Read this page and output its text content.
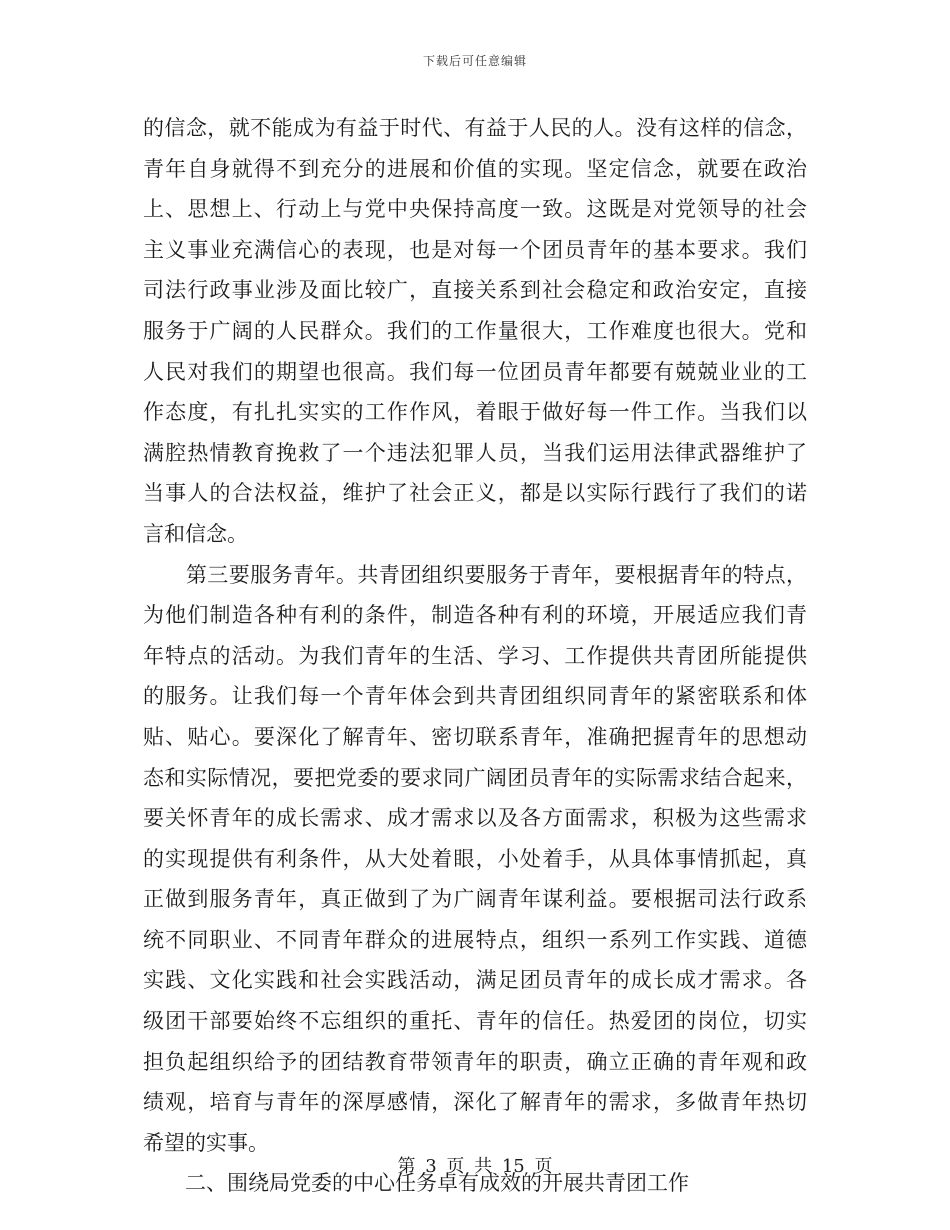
下载后可任意编辑
的信念，就不能成为有益于时代、有益于人民的人。没有这样的信念，
青年自身就得不到充分的进展和价值的实现。坚定信念，就要在政治
上、思想上、行动上与党中央保持高度一致。这既是对党领导的社会
主义事业充满信心的表现，也是对每一个团员青年的基本要求。我们
司法行政事业涉及面比较广，直接关系到社会稳定和政治安定，直接
服务于广阔的人民群众。我们的工作量很大，工作难度也很大。党和
人民对我们的期望也很高。我们每一位团员青年都要有兢兢业业的工
作态度，有扎扎实实的工作作风，着眼于做好每一件工作。当我们以
满腔热情教育挽救了一个违法犯罪人员，当我们运用法律武器维护了
当事人的合法权益，维护了社会正义，都是以实际行践行了我们的诺
言和信念。
　　第三要服务青年。共青团组织要服务于青年，要根据青年的特点，
为他们制造各种有利的条件，制造各种有利的环境，开展适应我们青
年特点的活动。为我们青年的生活、学习、工作提供共青团所能提供
的服务。让我们每一个青年体会到共青团组织同青年的紧密联系和体
贴、贴心。要深化了解青年、密切联系青年，准确把握青年的思想动
态和实际情况，要把党委的要求同广阔团员青年的实际需求结合起来，
要关怀青年的成长需求、成才需求以及各方面需求，积极为这些需求
的实现提供有利条件，从大处着眼，小处着手，从具体事情抓起，真
正做到服务青年，真正做到了为广阔青年谋利益。要根据司法行政系
统不同职业、不同青年群众的进展特点，组织一系列工作实践、道德
实践、文化实践和社会实践活动，满足团员青年的成长成才需求。各
级团干部要始终不忘组织的重托、青年的信任。热爱团的岗位，切实
担负起组织给予的团结教育带领青年的职责，确立正确的青年观和政
绩观，培育与青年的深厚感情，深化了解青年的需求，多做青年热切
希望的实事。
　　二、围绕局党委的中心任务卓有成效的开展共青团工作
第 3 页 共 15 页
